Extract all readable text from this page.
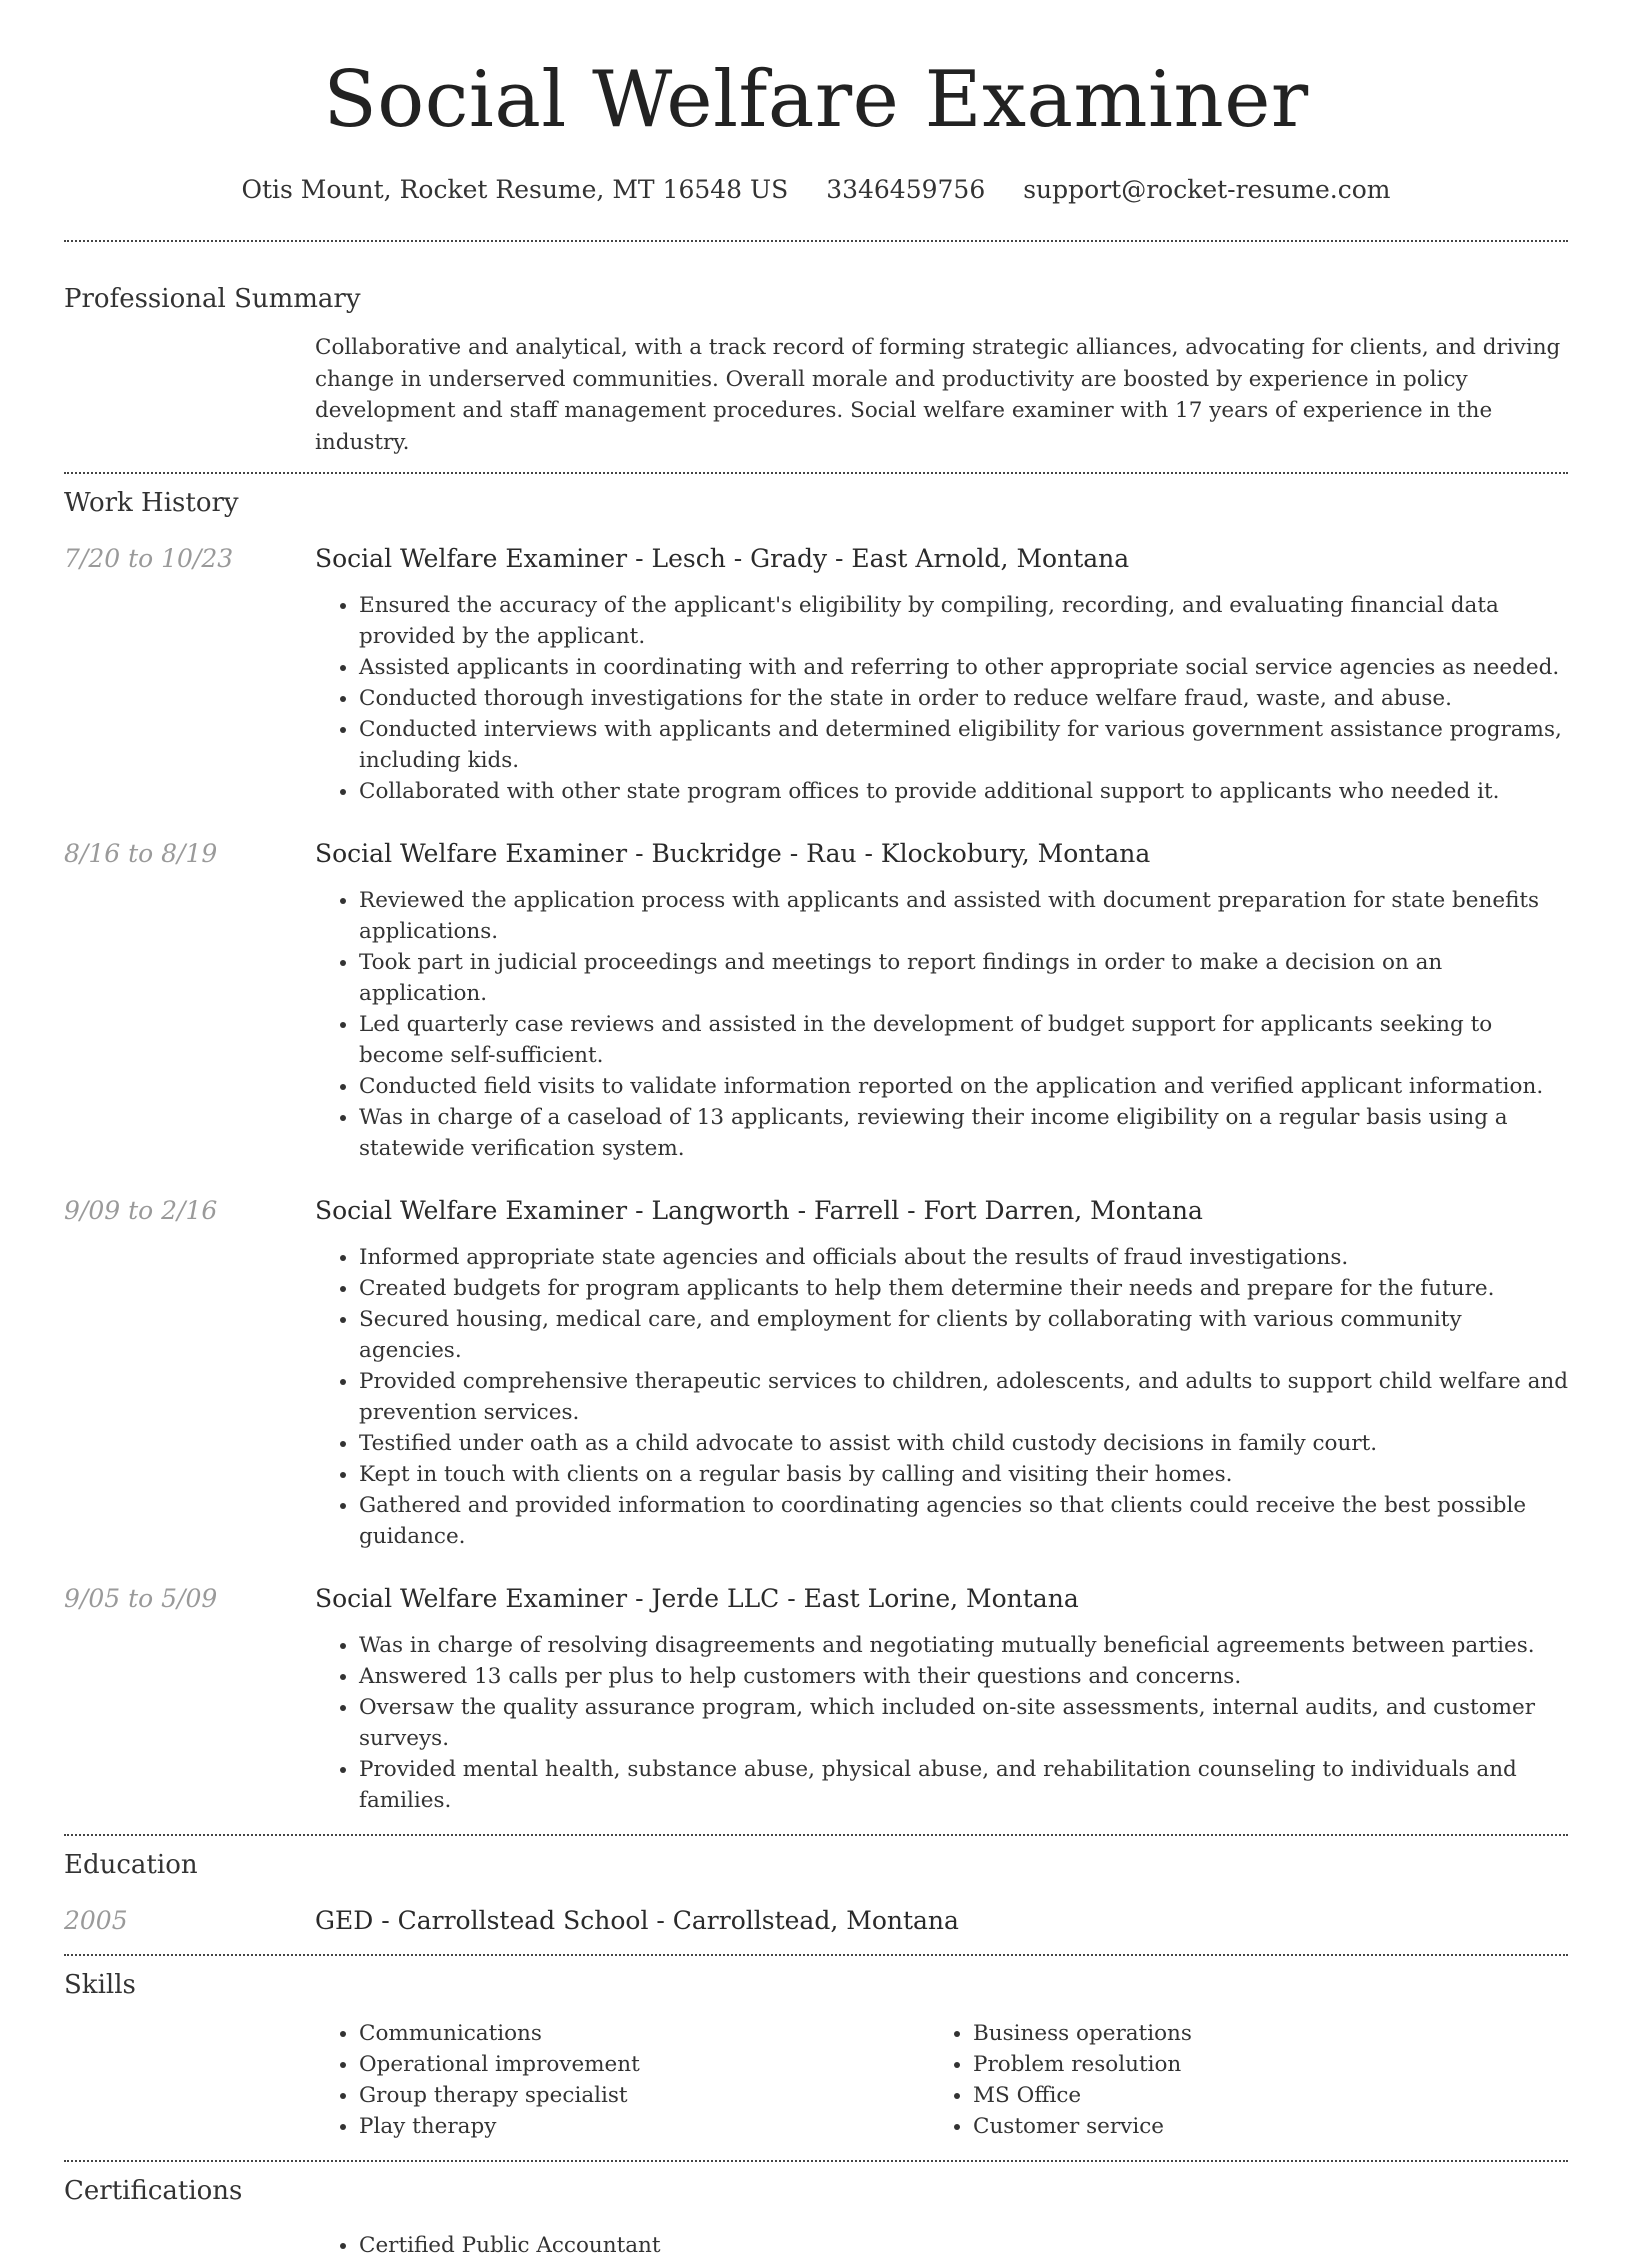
Social Welfare Examiner
Otis Mount, Rocket Resume, MT 16548 US 3346459756 support@rocket-resume.com
Professional Summary

Collaborative and analytical, with a track record of forming strategic alliances, advocating for clients, and driving change in underserved communities. Overall morale and productivity are boosted by experience in policy development and staff management procedures. Social welfare examiner with 17 years of experience in the industry.

Work History
7/20 to 10/23	Social Welfare Examiner - Lesch - Grady - East Arnold, Montana
• Ensured the accuracy of the applicant's eligibility by compiling, recording, and evaluating financial data provided by the applicant.
• Assisted applicants in coordinating with and referring to other appropriate social service agencies as needed.
• Conducted thorough investigations for the state in order to reduce welfare fraud, waste, and abuse.
• Conducted interviews with applicants and determined eligibility for various government assistance programs, including kids.
• Collaborated with other state program offices to provide additional support to applicants who needed it.
8/16 to 8/19	Social Welfare Examiner - Buckridge - Rau - Klockobury, Montana
• Reviewed the application process with applicants and assisted with document preparation for state benefits applications.
• Took part in judicial proceedings and meetings to report findings in order to make a decision on an application.
• Led quarterly case reviews and assisted in the development of budget support for applicants seeking to become self-sufficient.
• Conducted field visits to validate information reported on the application and verified applicant information.
• Was in charge of a caseload of 13 applicants, reviewing their income eligibility on a regular basis using a statewide verification system.
9/09 to 2/16	Social Welfare Examiner - Langworth - Farrell - Fort Darren, Montana
• Informed appropriate state agencies and officials about the results of fraud investigations.
• Created budgets for program applicants to help them determine their needs and prepare for the future.
• Secured housing, medical care, and employment for clients by collaborating with various community agencies.
• Provided comprehensive therapeutic services to children, adolescents, and adults to support child welfare and prevention services.
• Testified under oath as a child advocate to assist with child custody decisions in family court.
• Kept in touch with clients on a regular basis by calling and visiting their homes.
• Gathered and provided information to coordinating agencies so that clients could receive the best possible guidance.
9/05 to 5/09	Social Welfare Examiner - Jerde LLC - East Lorine, Montana
• Was in charge of resolving disagreements and negotiating mutually beneficial agreements between parties.
• Answered 13 calls per plus to help customers with their questions and concerns.
• Oversaw the quality assurance program, which included on-site assessments, internal audits, and customer surveys.
• Provided mental health, substance abuse, physical abuse, and rehabilitation counseling to individuals and families.
Education
2005	GED - Carrollstead School - Carrollstead, Montana
Skills
• Communications
• Operational improvement
• Group therapy specialist
• Play therapy
• Business operations
• Problem resolution
• MS Office
• Customer service
Certifications
• Certified Public Accountant
